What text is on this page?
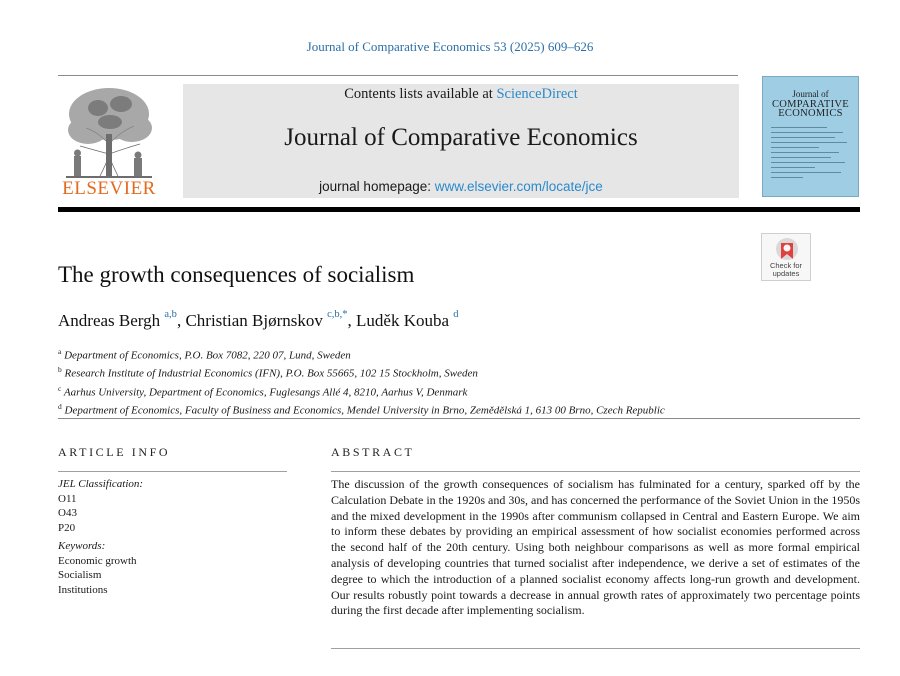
Journal of Comparative Economics 53 (2025) 609–626
ELSEVIER
Contents lists available at ScienceDirect
Journal of Comparative Economics
journal homepage: www.elsevier.com/locate/jce
Journal of
COMPARATIVE
ECONOMICS
Check for
updates
The growth consequences of socialism
Andreas Bergh $^{a,b}$, Christian Bjørnskov $^{c,b,*}$, Luděk Kouba $^d$
$^a$ Department of Economics, P.O. Box 7082, 220 07, Lund, Sweden
$^b$ Research Institute of Industrial Economics (IFN), P.O. Box 55665, 102 15 Stockholm, Sweden
$^c$ Aarhus University, Department of Economics, Fuglesangs Allé 4, 8210, Aarhus V, Denmark
$^d$ Department of Economics, Faculty of Business and Economics, Mendel University in Brno, Zemědělská 1, 613 00 Brno, Czech Republic
ARTICLE INFO	ABSTRACT
JEL Classification:
O11
O43
P20
Keywords:
Economic growth
Socialism
Institutions
The discussion of the growth consequences of socialism has fulminated for a century, sparked off by the Calculation Debate in the 1920s and 30s, and has concerned the performance of the Soviet Union in the 1950s and the mixed development in the 1990s after communism collapsed in Central and Eastern Europe. We aim to inform these debates by providing an empirical assessment of how socialist economies performed across the second half of the 20th century. Using both neighbour comparisons as well as more formal empirical analysis of developing countries that turned socialist after independence, we derive a set of estimates of the degree to which the introduction of a planned socialist economy affects long-run growth and development. Our results robustly point towards a decrease in annual growth rates of approximately two percentage points during the first decade after implementing socialism.
